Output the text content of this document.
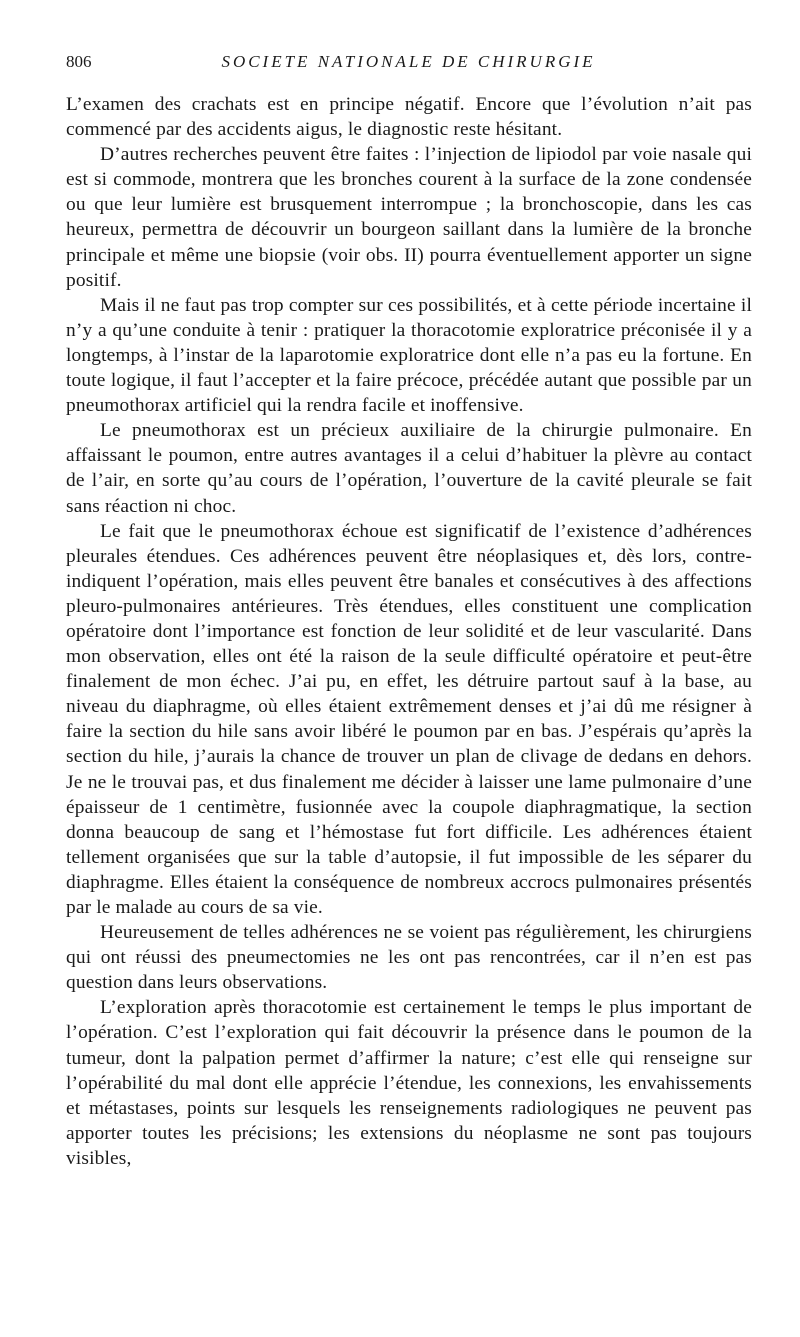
806	SOCIETE NATIONALE DE CHIRURGIE

L’examen des crachats est en principe négatif. Encore que l’évolution n’ait pas commencé par des accidents aigus, le diagnostic reste hésitant.

D’autres recherches peuvent être faites : l’injection de lipiodol par voie nasale qui est si commode, montrera que les bronches courent à la surface de la zone condensée ou que leur lumière est brusquement interrompue ; la bronchoscopie, dans les cas heureux, permettra de découvrir un bourgeon saillant dans la lumière de la bronche principale et même une biopsie (voir obs. II) pourra éventuellement apporter un signe positif.

Mais il ne faut pas trop compter sur ces possibilités, et à cette période incertaine il n’y a qu’une conduite à tenir : pratiquer la thoracotomie exploratrice préconisée il y a longtemps, à l’instar de la laparotomie exploratrice dont elle n’a pas eu la fortune. En toute logique, il faut l’accepter et la faire précoce, précédée autant que possible par un pneumothorax artificiel qui la rendra facile et inoffensive.

Le pneumothorax est un précieux auxiliaire de la chirurgie pulmonaire. En affaissant le poumon, entre autres avantages il a celui d’habituer la plèvre au contact de l’air, en sorte qu’au cours de l’opération, l’ouverture de la cavité pleurale se fait sans réaction ni choc.

Le fait que le pneumothorax échoue est significatif de l’existence d’adhérences pleurales étendues. Ces adhérences peuvent être néoplasiques et, dès lors, contre-indiquent l’opération, mais elles peuvent être banales et consécutives à des affections pleuro-pulmonaires antérieures. Très étendues, elles constituent une complication opératoire dont l’importance est fonction de leur solidité et de leur vascularité. Dans mon observation, elles ont été la raison de la seule difficulté opératoire et peut-être finalement de mon échec. J’ai pu, en effet, les détruire partout sauf à la base, au niveau du diaphragme, où elles étaient extrêmement denses et j’ai dû me résigner à faire la section du hile sans avoir libéré le poumon par en bas. J’espérais qu’après la section du hile, j’aurais la chance de trouver un plan de clivage de dedans en dehors. Je ne le trouvai pas, et dus finalement me décider à laisser une lame pulmonaire d’une épaisseur de 1 centimètre, fusionnée avec la coupole diaphragmatique, la section donna beaucoup de sang et l’hémostase fut fort difficile. Les adhérences étaient tellement organisées que sur la table d’autopsie, il fut impossible de les séparer du diaphragme. Elles étaient la conséquence de nombreux accrocs pulmonaires présentés par le malade au cours de sa vie.

Heureusement de telles adhérences ne se voient pas régulièrement, les chirurgiens qui ont réussi des pneumectomies ne les ont pas rencontrées, car il n’en est pas question dans leurs observations.

L’exploration après thoracotomie est certainement le temps le plus important de l’opération. C’est l’exploration qui fait découvrir la présence dans le poumon de la tumeur, dont la palpation permet d’affirmer la nature; c’est elle qui renseigne sur l’opérabilité du mal dont elle apprécie l’étendue, les connexions, les envahissements et métastases, points sur lesquels les renseignements radiologiques ne peuvent pas apporter toutes les précisions; les extensions du néoplasme ne sont pas toujours visibles,
